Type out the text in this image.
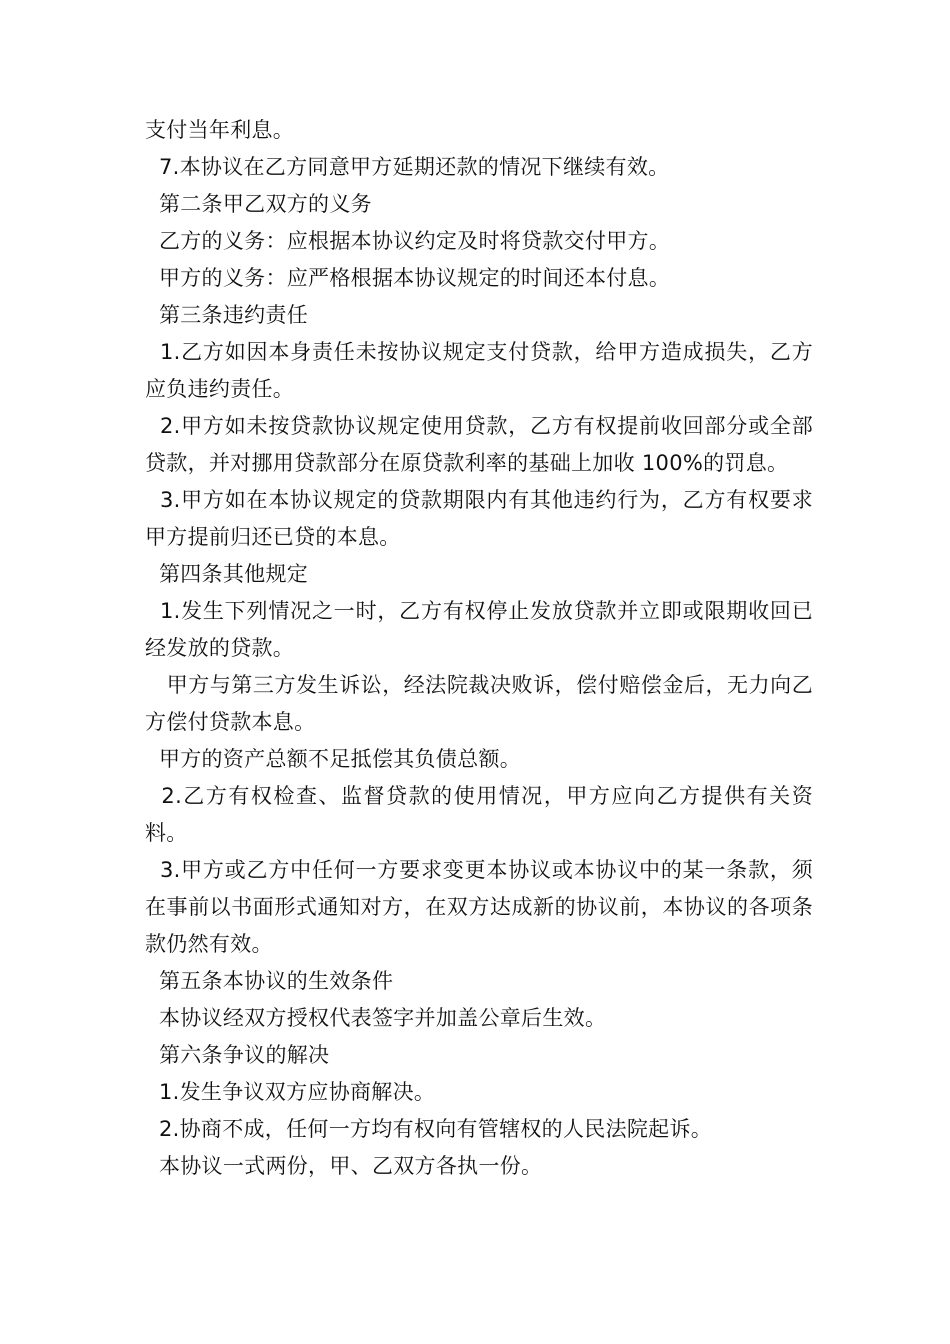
支付当年利息。

7.本协议在乙方同意甲方延期还款的情况下继续有效。

第二条甲乙双方的义务

乙方的义务：应根据本协议约定及时将贷款交付甲方。

甲方的义务：应严格根据本协议规定的时间还本付息。

第三条违约责任

1.乙方如因本身责任未按协议规定支付贷款，给甲方造成损失，乙方应负违约责任。

2.甲方如未按贷款协议规定使用贷款，乙方有权提前收回部分或全部贷款，并对挪用贷款部分在原贷款利率的基础上加收 100%的罚息。

3.甲方如在本协议规定的贷款期限内有其他违约行为，乙方有权要求甲方提前归还已贷的本息。

第四条其他规定

1.发生下列情况之一时，乙方有权停止发放贷款并立即或限期收回已经发放的贷款。

甲方与第三方发生诉讼，经法院裁决败诉，偿付赔偿金后，无力向乙方偿付贷款本息。

甲方的资产总额不足抵偿其负债总额。

2.乙方有权检查、监督贷款的使用情况，甲方应向乙方提供有关资料。

3.甲方或乙方中任何一方要求变更本协议或本协议中的某一条款，须在事前以书面形式通知对方，在双方达成新的协议前，本协议的各项条款仍然有效。

第五条本协议的生效条件

本协议经双方授权代表签字并加盖公章后生效。

第六条争议的解决

1.发生争议双方应协商解决。

2.协商不成，任何一方均有权向有管辖权的人民法院起诉。

本协议一式两份，甲、乙双方各执一份。
